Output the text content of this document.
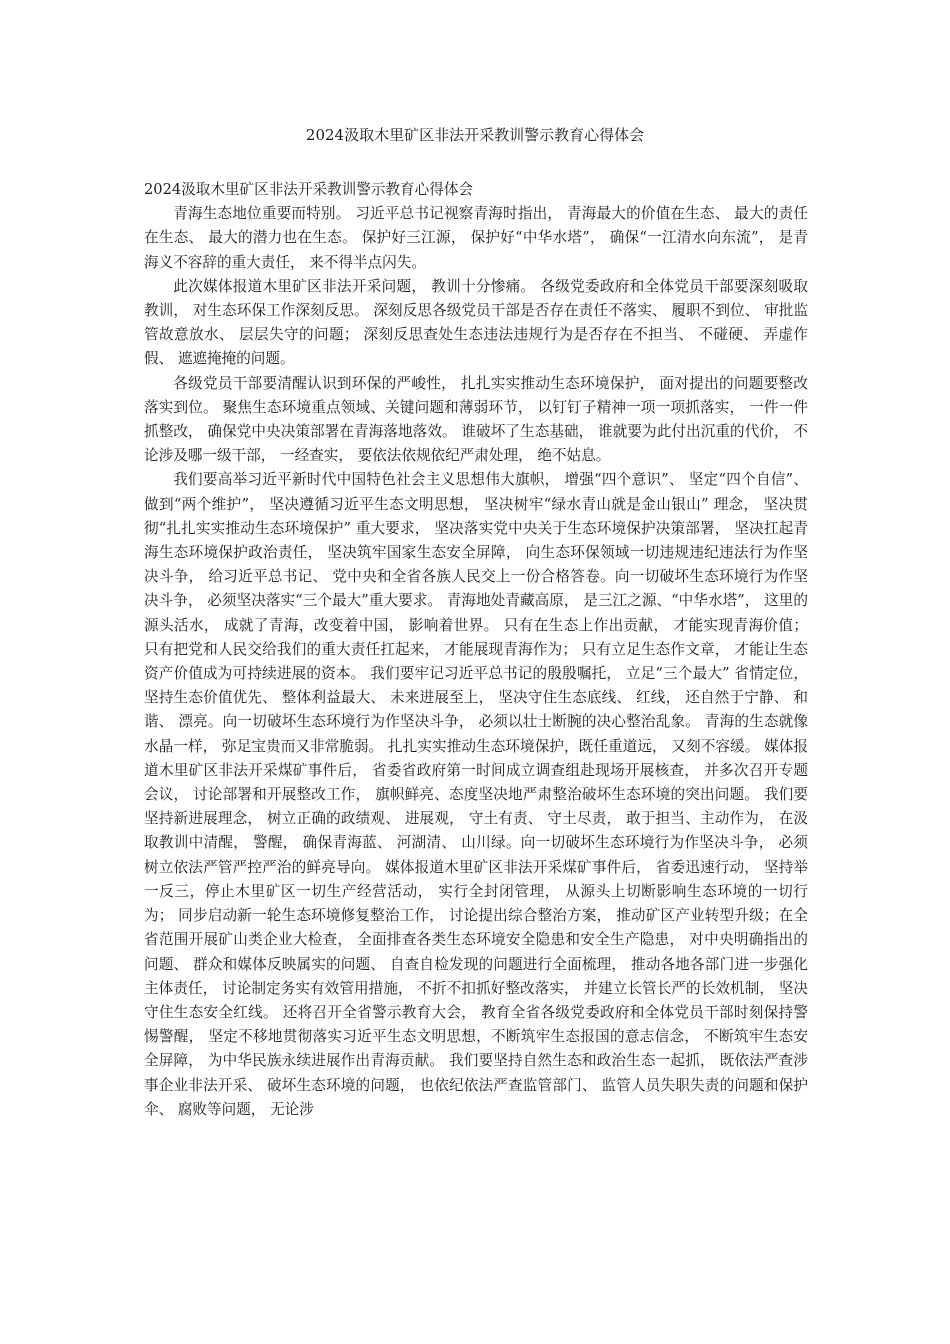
2024汲取木里矿区非法开采教训警示教育心得体会

2024汲取木里矿区非法开采教训警示教育心得体会

青海生态地位重要而特别。 习近平总书记视察青海时指出， 青海最大的价值在生态、 最大的责任在生态、 最大的潜力也在生态。 保护好三江源， 保护好“中华水塔”， 确保“一江清水向东流”， 是青海义不容辞的重大责任， 来不得半点闪失。

此次媒体报道木里矿区非法开采问题， 教训十分惨痛。 各级党委政府和全体党员干部要深刻吸取教训， 对生态环保工作深刻反思。 深刻反思各级党员干部是否存在责任不落实、 履职不到位、 审批监管故意放水、 层层失守的问题； 深刻反思查处生态违法违规行为是否存在不担当、 不碰硬、 弄虚作假、 遮遮掩掩的问题。

各级党员干部要清醒认识到环保的严峻性， 扎扎实实推动生态环境保护， 面对提出的问题要整改落实到位。 聚焦生态环境重点领域、关键问题和薄弱环节， 以钉钉子精神一项一项抓落实， 一件一件抓整改， 确保党中央决策部署在青海落地落效。 谁破坏了生态基础， 谁就要为此付出沉重的代价， 不论涉及哪一级干部， 一经查实， 要依法依规依纪严肃处理， 绝不姑息。

我们要高举习近平新时代中国特色社会主义思想伟大旗帜， 增强“四个意识”、 坚定“四个自信”、 做到“两个维护”， 坚决遵循习近平生态文明思想， 坚决树牢“绿水青山就是金山银山” 理念， 坚决贯彻“扎扎实实推动生态环境保护” 重大要求， 坚决落实党中央关于生态环境保护决策部署， 坚决扛起青海生态环境保护政治责任， 坚决筑牢国家生态安全屏障， 向生态环保领域一切违规违纪违法行为作坚决斗争， 给习近平总书记、 党中央和全省各族人民交上一份合格答卷。向一切破坏生态环境行为作坚决斗争， 必须坚决落实“三个最大”重大要求。 青海地处青藏高原， 是三江之源、“中华水塔”， 这里的源头活水， 成就了青海，改变着中国， 影响着世界。 只有在生态上作出贡献， 才能实现青海价值； 只有把党和人民交给我们的重大责任扛起来， 才能展现青海作为； 只有立足生态作文章， 才能让生态资产价值成为可持续进展的资本。 我们要牢记习近平总书记的殷殷嘱托， 立足“三个最大” 省情定位， 坚持生态价值优先、 整体利益最大、 未来进展至上， 坚决守住生态底线、 红线， 还自然于宁静、 和谐、 漂亮。向一切破坏生态环境行为作坚决斗争， 必须以壮士断腕的决心整治乱象。 青海的生态就像水晶一样， 弥足宝贵而又非常脆弱。 扎扎实实推动生态环境保护，既任重道远， 又刻不容缓。 媒体报道木里矿区非法开采煤矿事件后， 省委省政府第一时间成立调查组赴现场开展核查， 并多次召开专题会议， 讨论部署和开展整改工作， 旗帜鲜亮、态度坚决地严肃整治破坏生态环境的突出问题。 我们要坚持新进展理念， 树立正确的政绩观、 进展观， 守土有责、 守土尽责， 敢于担当、主动作为， 在汲取教训中清醒， 警醒， 确保青海蓝、 河湖清、 山川绿。向一切破坏生态环境行为作坚决斗争， 必须树立依法严管严控严治的鲜亮导向。 媒体报道木里矿区非法开采煤矿事件后， 省委迅速行动， 坚持举一反三，停止木里矿区一切生产经营活动， 实行全封闭管理， 从源头上切断影响生态环境的一切行为； 同步启动新一轮生态环境修复整治工作， 讨论提出综合整治方案， 推动矿区产业转型升级；在全省范围开展矿山类企业大检查， 全面排查各类生态环境安全隐患和安全生产隐患， 对中央明确指出的问题、 群众和媒体反映属实的问题、 自查自检发现的问题进行全面梳理， 推动各地各部门进一步强化主体责任， 讨论制定务实有效管用措施， 不折不扣抓好整改落实， 并建立长管长严的长效机制， 坚决守住生态安全红线。 还将召开全省警示教育大会， 教育全省各级党委政府和全体党员干部时刻保持警惕警醒， 坚定不移地贯彻落实习近平生态文明思想，不断筑牢生态报国的意志信念， 不断筑牢生态安全屏障， 为中华民族永续进展作出青海贡献。 我们要坚持自然生态和政治生态一起抓， 既依法严查涉事企业非法开采、 破坏生态环境的问题， 也依纪依法严查监管部门、 监管人员失职失责的问题和保护伞、 腐败等问题， 无论涉
